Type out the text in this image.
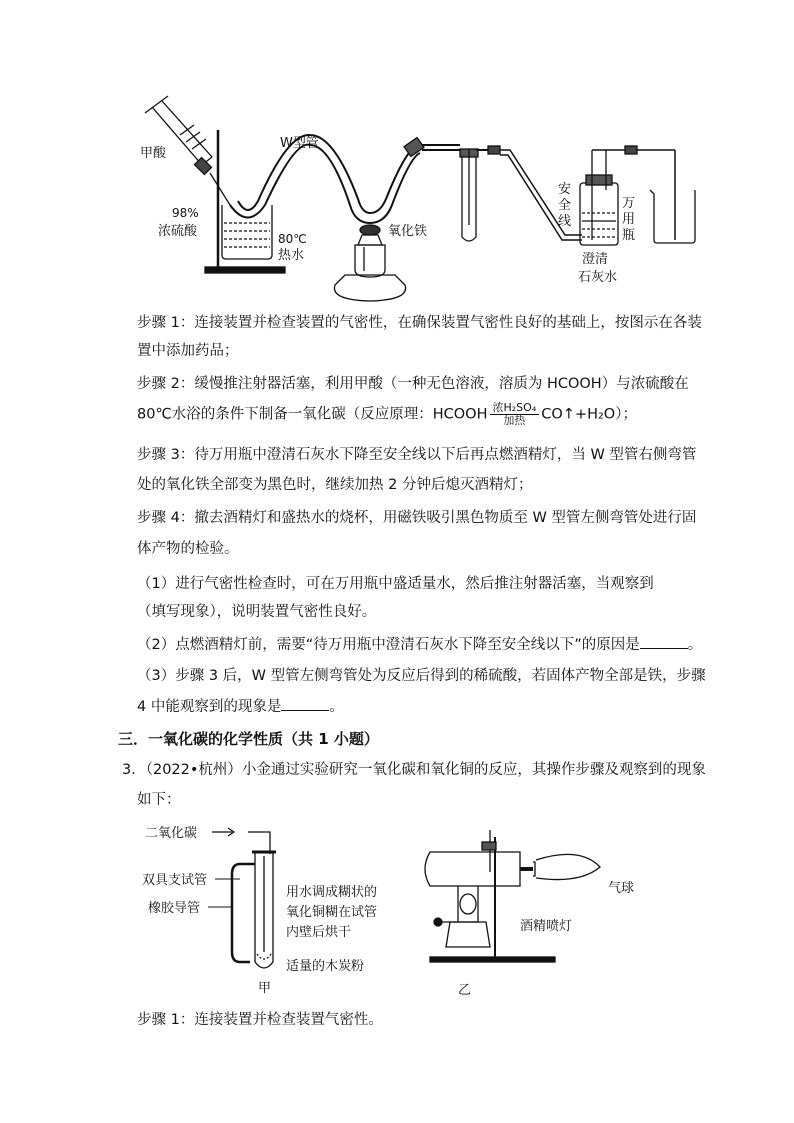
甲酸
W型管
98%
浓硫酸	80℃
热水
氧化铁
安
全
线
万
用
瓶
澄清
石灰水
步骤 1：连接装置并检查装置的气密性，在确保装置气密性良好的基础上，按图示在各装
置中添加药品；
步骤 2：缓慢推注射器活塞，利用甲酸（一种无色溶液，溶质为 HCOOH）与浓硫酸在
80℃水浴的条件下制备一氧化碳（反应原理：HCOOH $\frac{\text{浓H₂SO₄}}{\text{加热}}$ CO↑+H₂O）；
步骤 3：待万用瓶中澄清石灰水下降至安全线以下后再点燃酒精灯，当 W 型管右侧弯管
处的氧化铁全部变为黑色时，继续加热 2 分钟后熄灭酒精灯；
步骤 4：撤去酒精灯和盛热水的烧杯，用磁铁吸引黑色物质至 W 型管左侧弯管处进行固
体产物的检验。
（1）进行气密性检查时，可在万用瓶中盛适量水，然后推注射器活塞，当观察到
（填写现象），说明装置气密性良好。
（2）点燃酒精灯前，需要“待万用瓶中澄清石灰水下降至安全线以下”的原因是	。
（3）步骤 3 后，W 型管左侧弯管处为反应后得到的稀硫酸，若固体产物全部是铁，步骤
4 中能观察到的现象是	。
三．一氧化碳的化学性质（共 1 小题）
3．（2022•杭州）小金通过实验研究一氧化碳和氧化铜的反应，其操作步骤及观察到的现象
如下：
二氧化碳
双具支试管
橡胶导管
用水调成糊状的
氧化铜糊在试管
内壁后烘干
适量的木炭粉
甲
气球
酒精喷灯
乙
步骤 1：连接装置并检查装置气密性。
